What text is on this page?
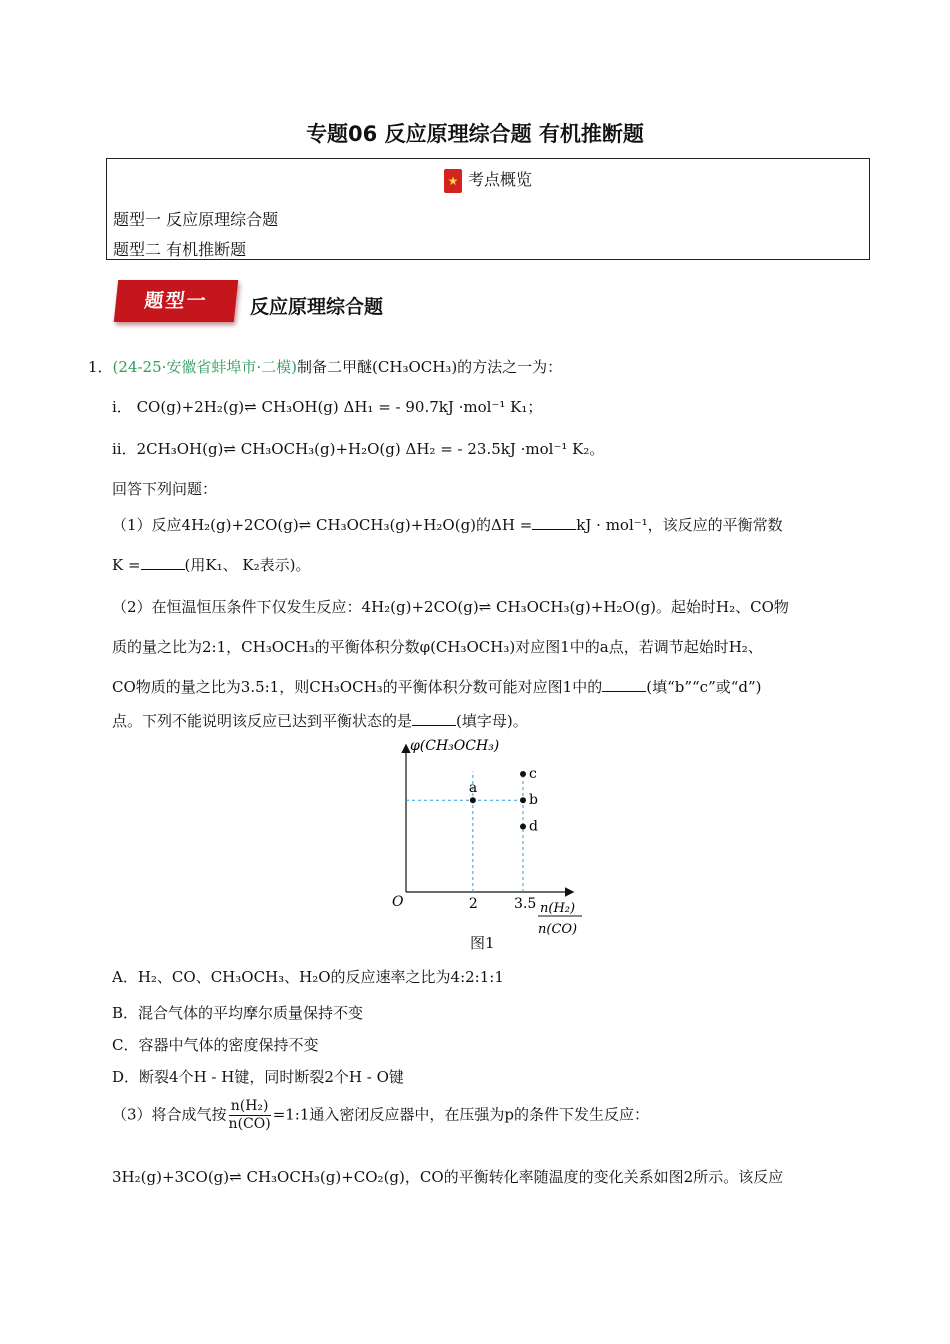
专题06 反应原理综合题 有机推断题
★ 考点概览
题型一 反应原理综合题
题型二 有机推断题
题型一	反应原理综合题
1．(24-25·安徽省蚌埠市·二模)制备二甲醚(CH₃OCH₃)的方法之一为：
i． CO(g)+2H₂(g)⇌ CH₃OH(g) ΔH₁ = - 90.7kJ ·mol⁻¹ K₁；
ii．2CH₃OH(g)⇌ CH₃OCH₃(g)+H₂O(g) ΔH₂ = - 23.5kJ ·mol⁻¹ K₂。
回答下列问题：
（1）反应4H₂(g)+2CO(g)⇌ CH₃OCH₃(g)+H₂O(g)的ΔH =	kJ · mol⁻¹，该反应的平衡常数
K =	(用K₁、 K₂表示)。
（2）在恒温恒压条件下仅发生反应：4H₂(g)+2CO(g)⇌ CH₃OCH₃(g)+H₂O(g)。起始时H₂、CO物
质的量之比为2:1，CH₃OCH₃的平衡体积分数φ(CH₃OCH₃)对应图1中的a点，若调节起始时H₂、
CO物质的量之比为3.5:1，则CH₃OCH₃的平衡体积分数可能对应图1中的	(填“b”“c”或“d”)
点。下列不能说明该反应已达到平衡状态的是	(填字母)。
φ(CH₃OCH₃)
O	2	3.5
a
c
b
d
n(H₂)
n(CO)
图1
A．H₂、CO、CH₃OCH₃、H₂O的反应速率之比为4:2:1:1
B．混合气体的平均摩尔质量保持不变
C．容器中气体的密度保持不变
D．断裂4个H - H键，同时断裂2个H - O键
（3）将合成气按 $\frac{\text{n(H₂)}}{n(CO)}$ =1:1通入密闭反应器中，在压强为p的条件下发生反应：
3H₂(g)+3CO(g)⇌ CH₃OCH₃(g)+CO₂(g)，CO的平衡转化率随温度的变化关系如图2所示。该反应
